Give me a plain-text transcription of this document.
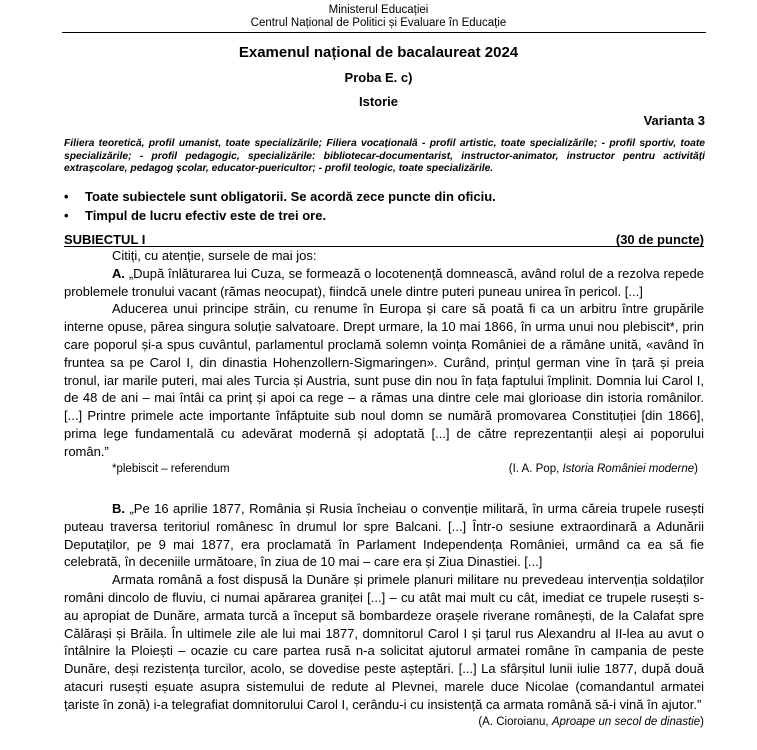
Ministerul Educației
Centrul Național de Politici și Evaluare în Educație
Examenul național de bacalaureat 2024
Proba E. c)
Istorie
Varianta 3
Filiera teoretică, profil umanist, toate specializările; Filiera vocațională - profil artistic, toate specializările; - profil sportiv, toate specializările; - profil pedagogic, specializările: bibliotecar-documentarist, instructor-animator, instructor pentru activități extrașcolare, pedagog școlar, educator-puericultor; - profil teologic, toate specializările.
• Toate subiectele sunt obligatorii. Se acordă zece puncte din oficiu.
• Timpul de lucru efectiv este de trei ore.
SUBIECTUL I	(30 de puncte)

Citiți, cu atenție, sursele de mai jos:

A. „După înlăturarea lui Cuza, se formează o locotenență domnească, având rolul de a rezolva repede problemele tronului vacant (rămas neocupat), fiindcă unele dintre puteri puneau unirea în pericol. [...]

Aducerea unui principe străin, cu renume în Europa și care să poată fi ca un arbitru între grupările interne opuse, părea singura soluție salvatoare. Drept urmare, la 10 mai 1866, în urma unui nou plebiscit*, prin care poporul și-a spus cuvântul, parlamentul proclamă solemn voința României de a rămâne unită, «având în fruntea sa pe Carol I, din dinastia Hohenzollern-Sigmaringen». Curând, prințul german vine în țară și preia tronul, iar marile puteri, mai ales Turcia și Austria, sunt puse din nou în fața faptului împlinit. Domnia lui Carol I, de 48 de ani – mai întâi ca prinț și apoi ca rege – a rămas una dintre cele mai glorioase din istoria românilor. [...] Printre primele acte importante înfăptuite sub noul domn se numără promovarea Constituției [din 1866], prima lege fundamentală cu adevărat modernă și adoptată [...] de către reprezentanții aleși ai poporului român.”

*plebiscit – referendum	(I. A. Pop, Istoria României moderne)

B. „Pe 16 aprilie 1877, România și Rusia încheiau o convenție militară, în urma căreia trupele rusești puteau traversa teritoriul românesc în drumul lor spre Balcani. [...] Într-o sesiune extraordinară a Adunării Deputaților, pe 9 mai 1877, era proclamată în Parlament Independența României, urmând ca ea să fie celebrată, în deceniile următoare, în ziua de 10 mai – care era și Ziua Dinastiei. [...]

Armata română a fost dispusă la Dunăre și primele planuri militare nu prevedeau intervenția soldaților români dincolo de fluviu, ci numai apărarea graniței [...] – cu atât mai mult cu cât, imediat ce trupele rusești s-au apropiat de Dunăre, armata turcă a început să bombardeze orașele riverane românești, de la Calafat spre Călărași și Brăila. În ultimele zile ale lui mai 1877, domnitorul Carol I și țarul rus Alexandru al II-lea au avut o întâlnire la Ploiești – ocazie cu care partea rusă n-a solicitat ajutorul armatei române în campania de peste Dunăre, deși rezistența turcilor, acolo, se dovedise peste așteptări. [...] La sfârșitul lunii iulie 1877, după două atacuri rusești eșuate asupra sistemului de redute al Plevnei, marele duce Nicolae (comandantul armatei țariste în zonă) i-a telegrafiat domnitorului Carol I, cerându-i cu insistență ca armata română să-i vină în ajutor.”

(A. Cioroianu, Aproape un secol de dinastie)
